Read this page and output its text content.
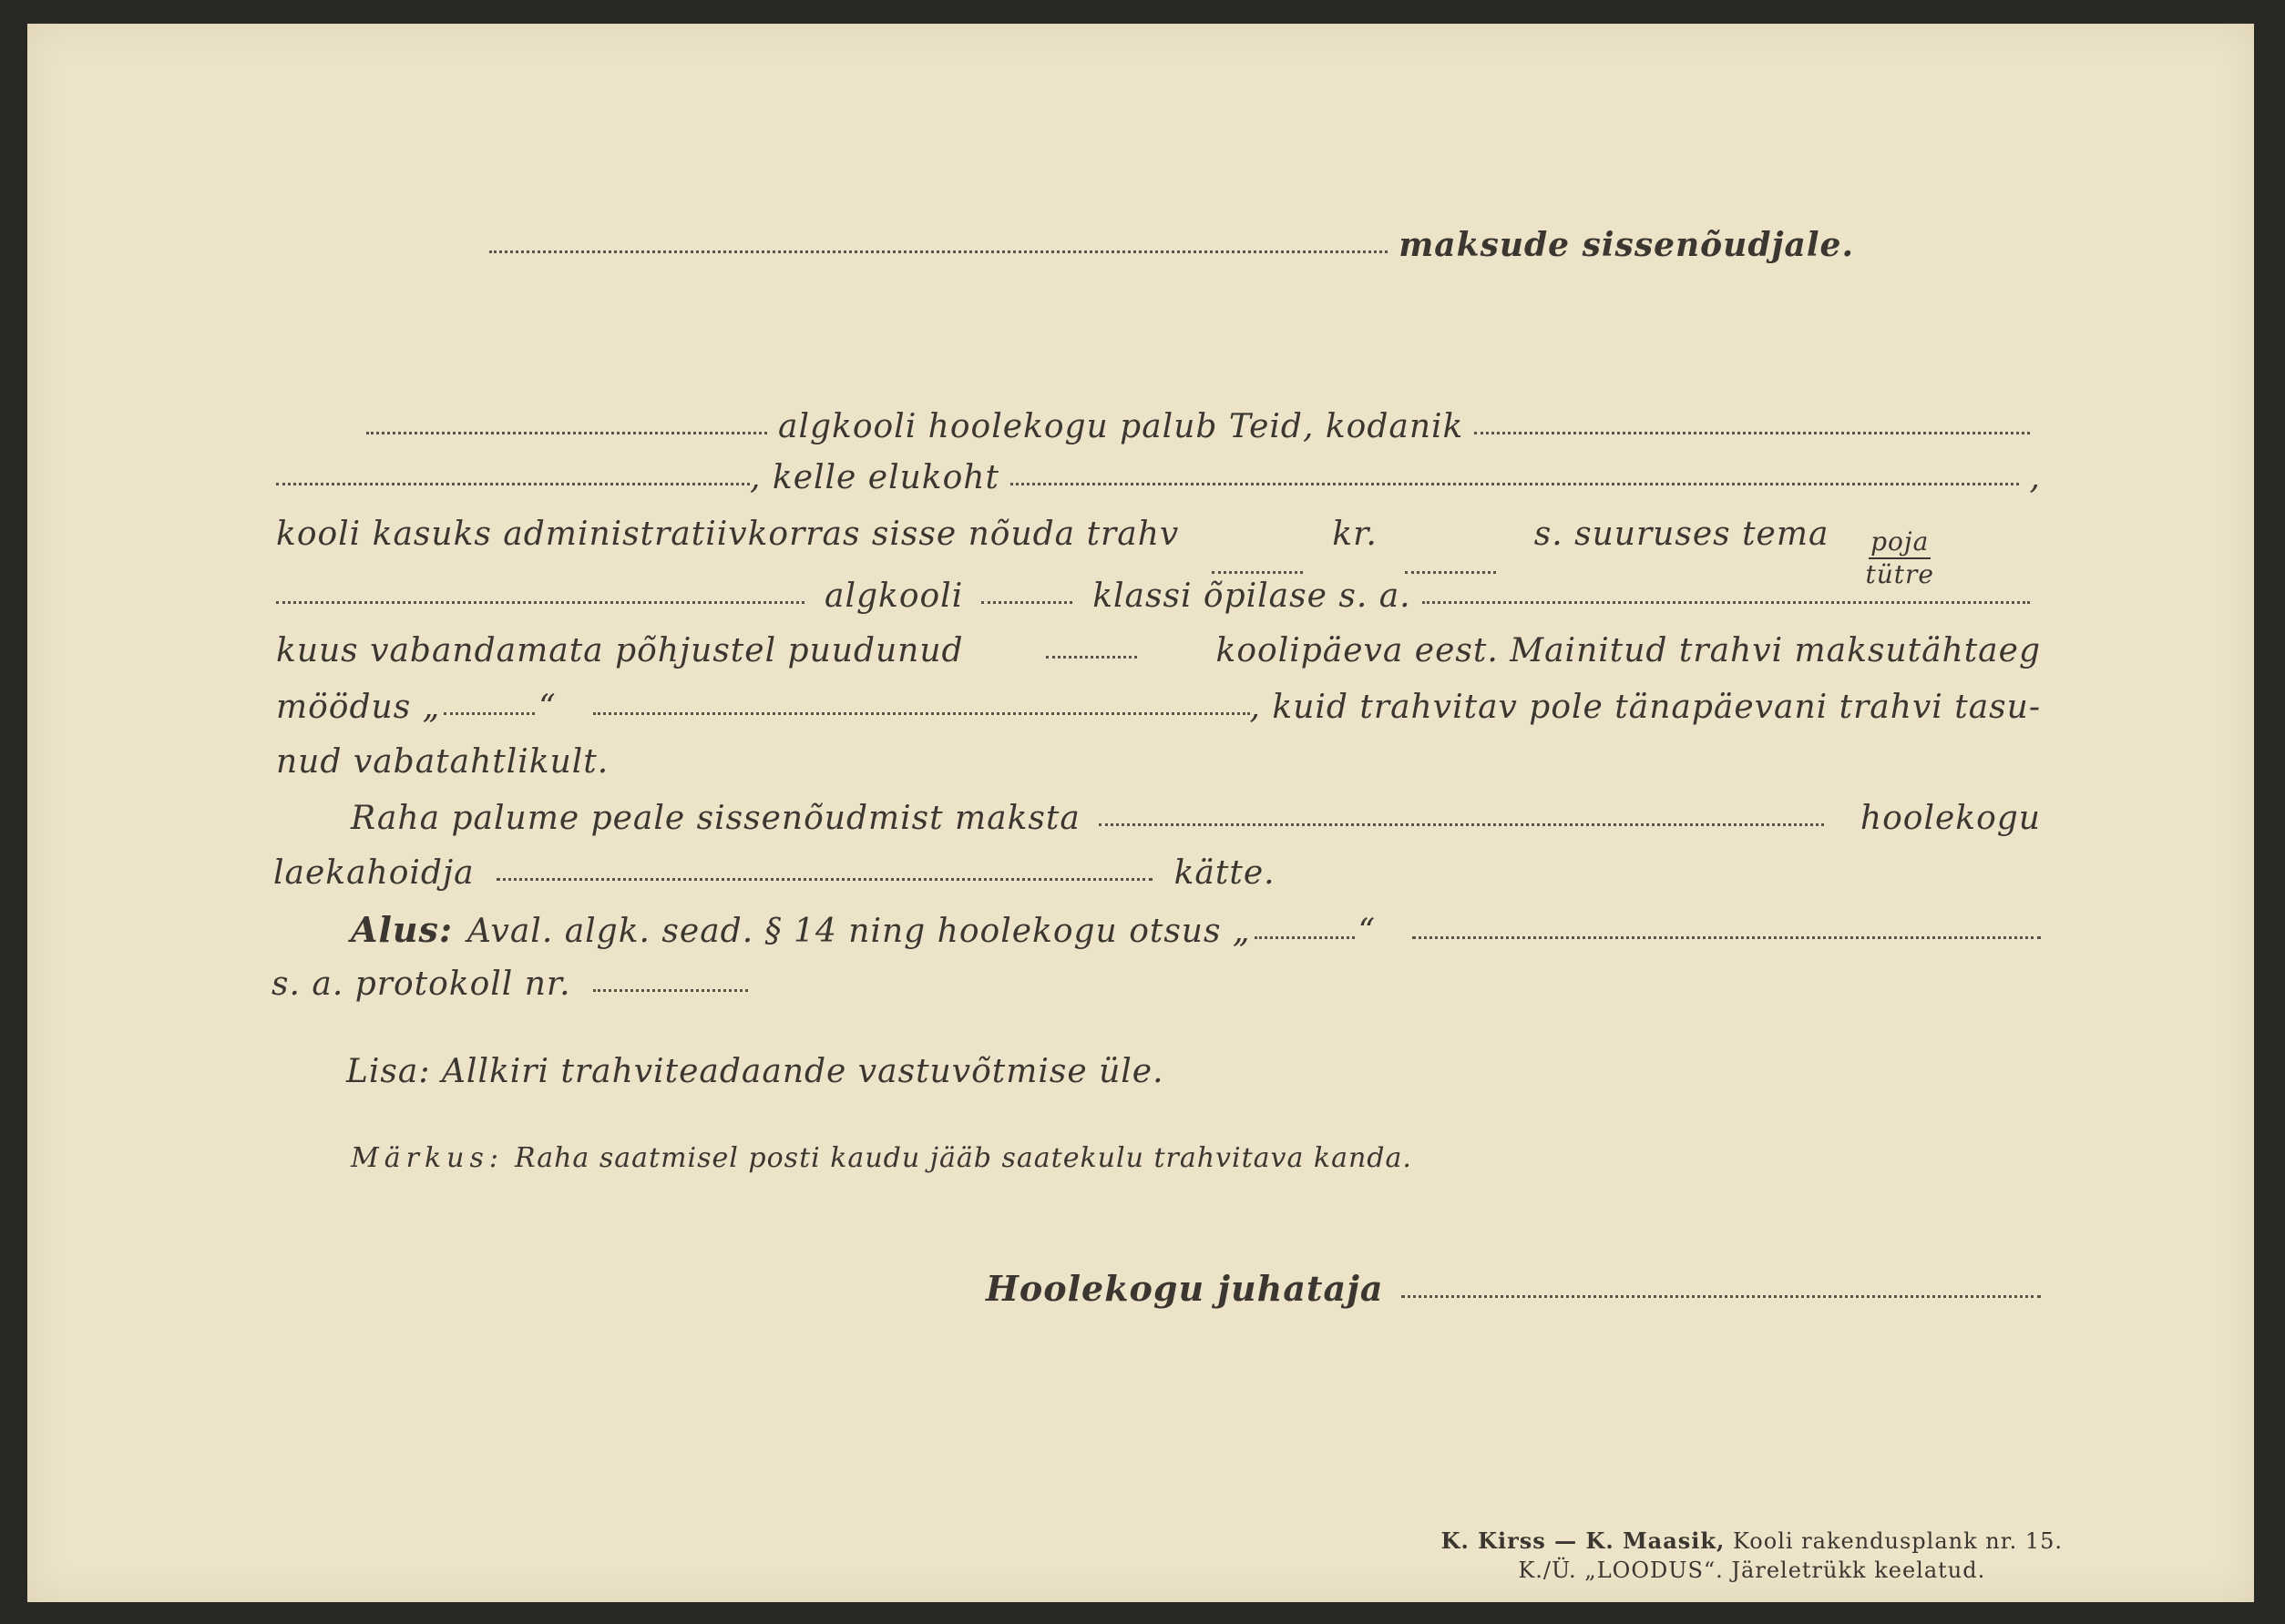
maksude sissenõudjale.
algkooli hoolekogu palub Teid, kodanik
, kelle elukoht	,
kooli kasuks administratiivkorras sisse nõuda trahv	kr.	s. suuruses tema $\frac{\text{poja}}{\text{tütre}}$
algkooli	klassi õpilase s. a.
kuus vabandamata põhjustel puudunud	koolipäeva eest. Mainitud trahvi maksutähtaeg
möödus „	“	, kuid trahvitav pole tänapäevani trahvi tasu-
nud vabatahtlikult.
Raha palume peale sissenõudmist maksta	hoolekogu
laekahoidja	kätte.
Alus: Aval. algk. sead. § 14 ning hoolekogu otsus „	“
s. a. protokoll nr.
Lisa: Allkiri trahviteadaande vastuvõtmise üle.
Märkus: Raha saatmisel posti kaudu jääb saatekulu trahvitava kanda.
Hoolekogu juhataja
K. Kirss — K. Maasik, Kooli rakendusplank nr. 15.
K./Ü. „LOODUS“. Järeletrükk keelatud.
